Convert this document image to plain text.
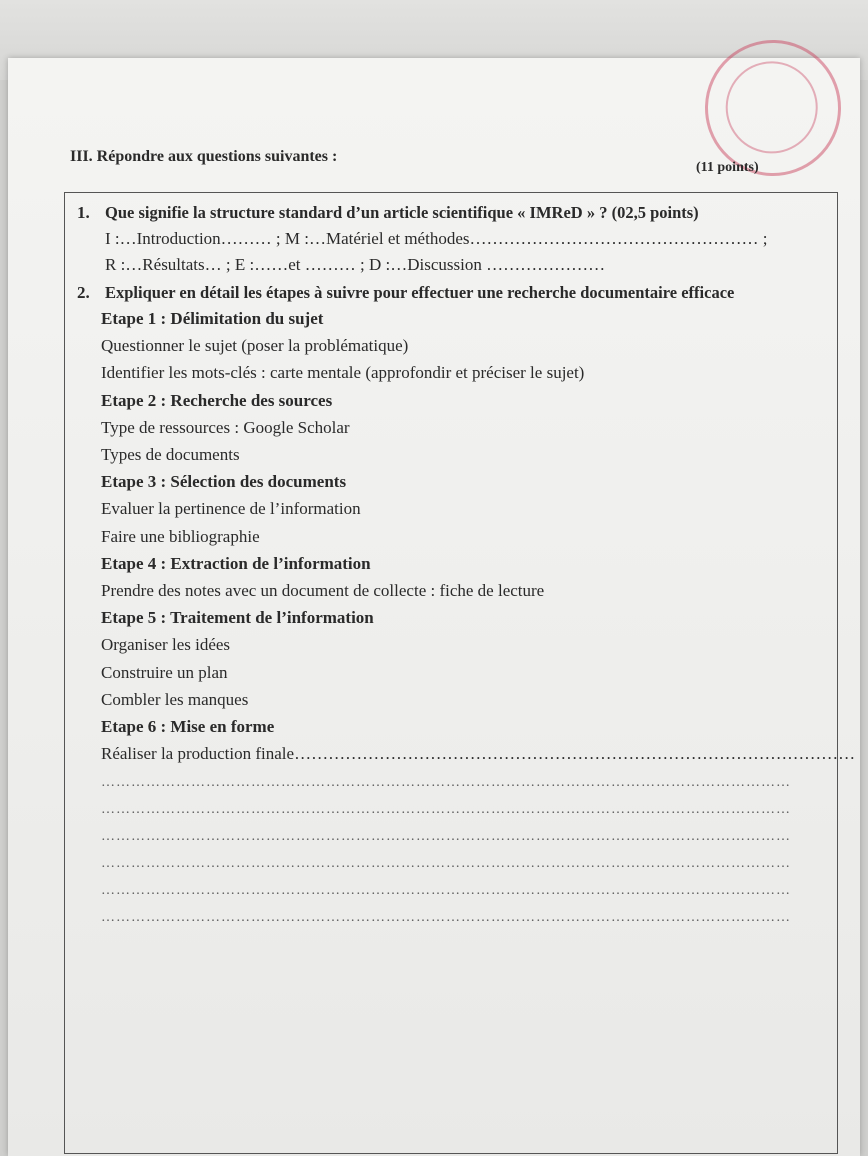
III. Répondre aux questions suivantes :
(11 points)
1. Que signifie la structure standard d’un article scientifique « IMReD » ? (02,5 points)
I :…Introduction……… ; M :…Matériel et méthodes…………………………………………… ;
R :…Résultats… ; E :……et ……… ; D :…Discussion …………………
2. Expliquer en détail les étapes à suivre pour effectuer une recherche documentaire efficace
Etape 1 : Délimitation du sujet
Questionner le sujet (poser la problématique)
Identifier les mots-clés : carte mentale (approfondir et préciser le sujet)
Etape 2 : Recherche des sources
Type de ressources : Google Scholar
Types de documents
Etape 3 : Sélection des documents
Evaluer la pertinence de l’information
Faire une bibliographie
Etape 4 : Extraction de l’information
Prendre des notes avec un document de collecte : fiche de lecture
Etape 5 : Traitement de l’information
Organiser les idées
Construire un plan
Combler les manques
Etape 6 : Mise en forme
Réaliser la production finale………………………………………………………………………………………
…………………………………………………………………………………………………………………………
…………………………………………………………………………………………………………………………
…………………………………………………………………………………………………………………………
…………………………………………………………………………………………………………………………
…………………………………………………………………………………………………………………………
…………………………………………………………………………………………………………………………
